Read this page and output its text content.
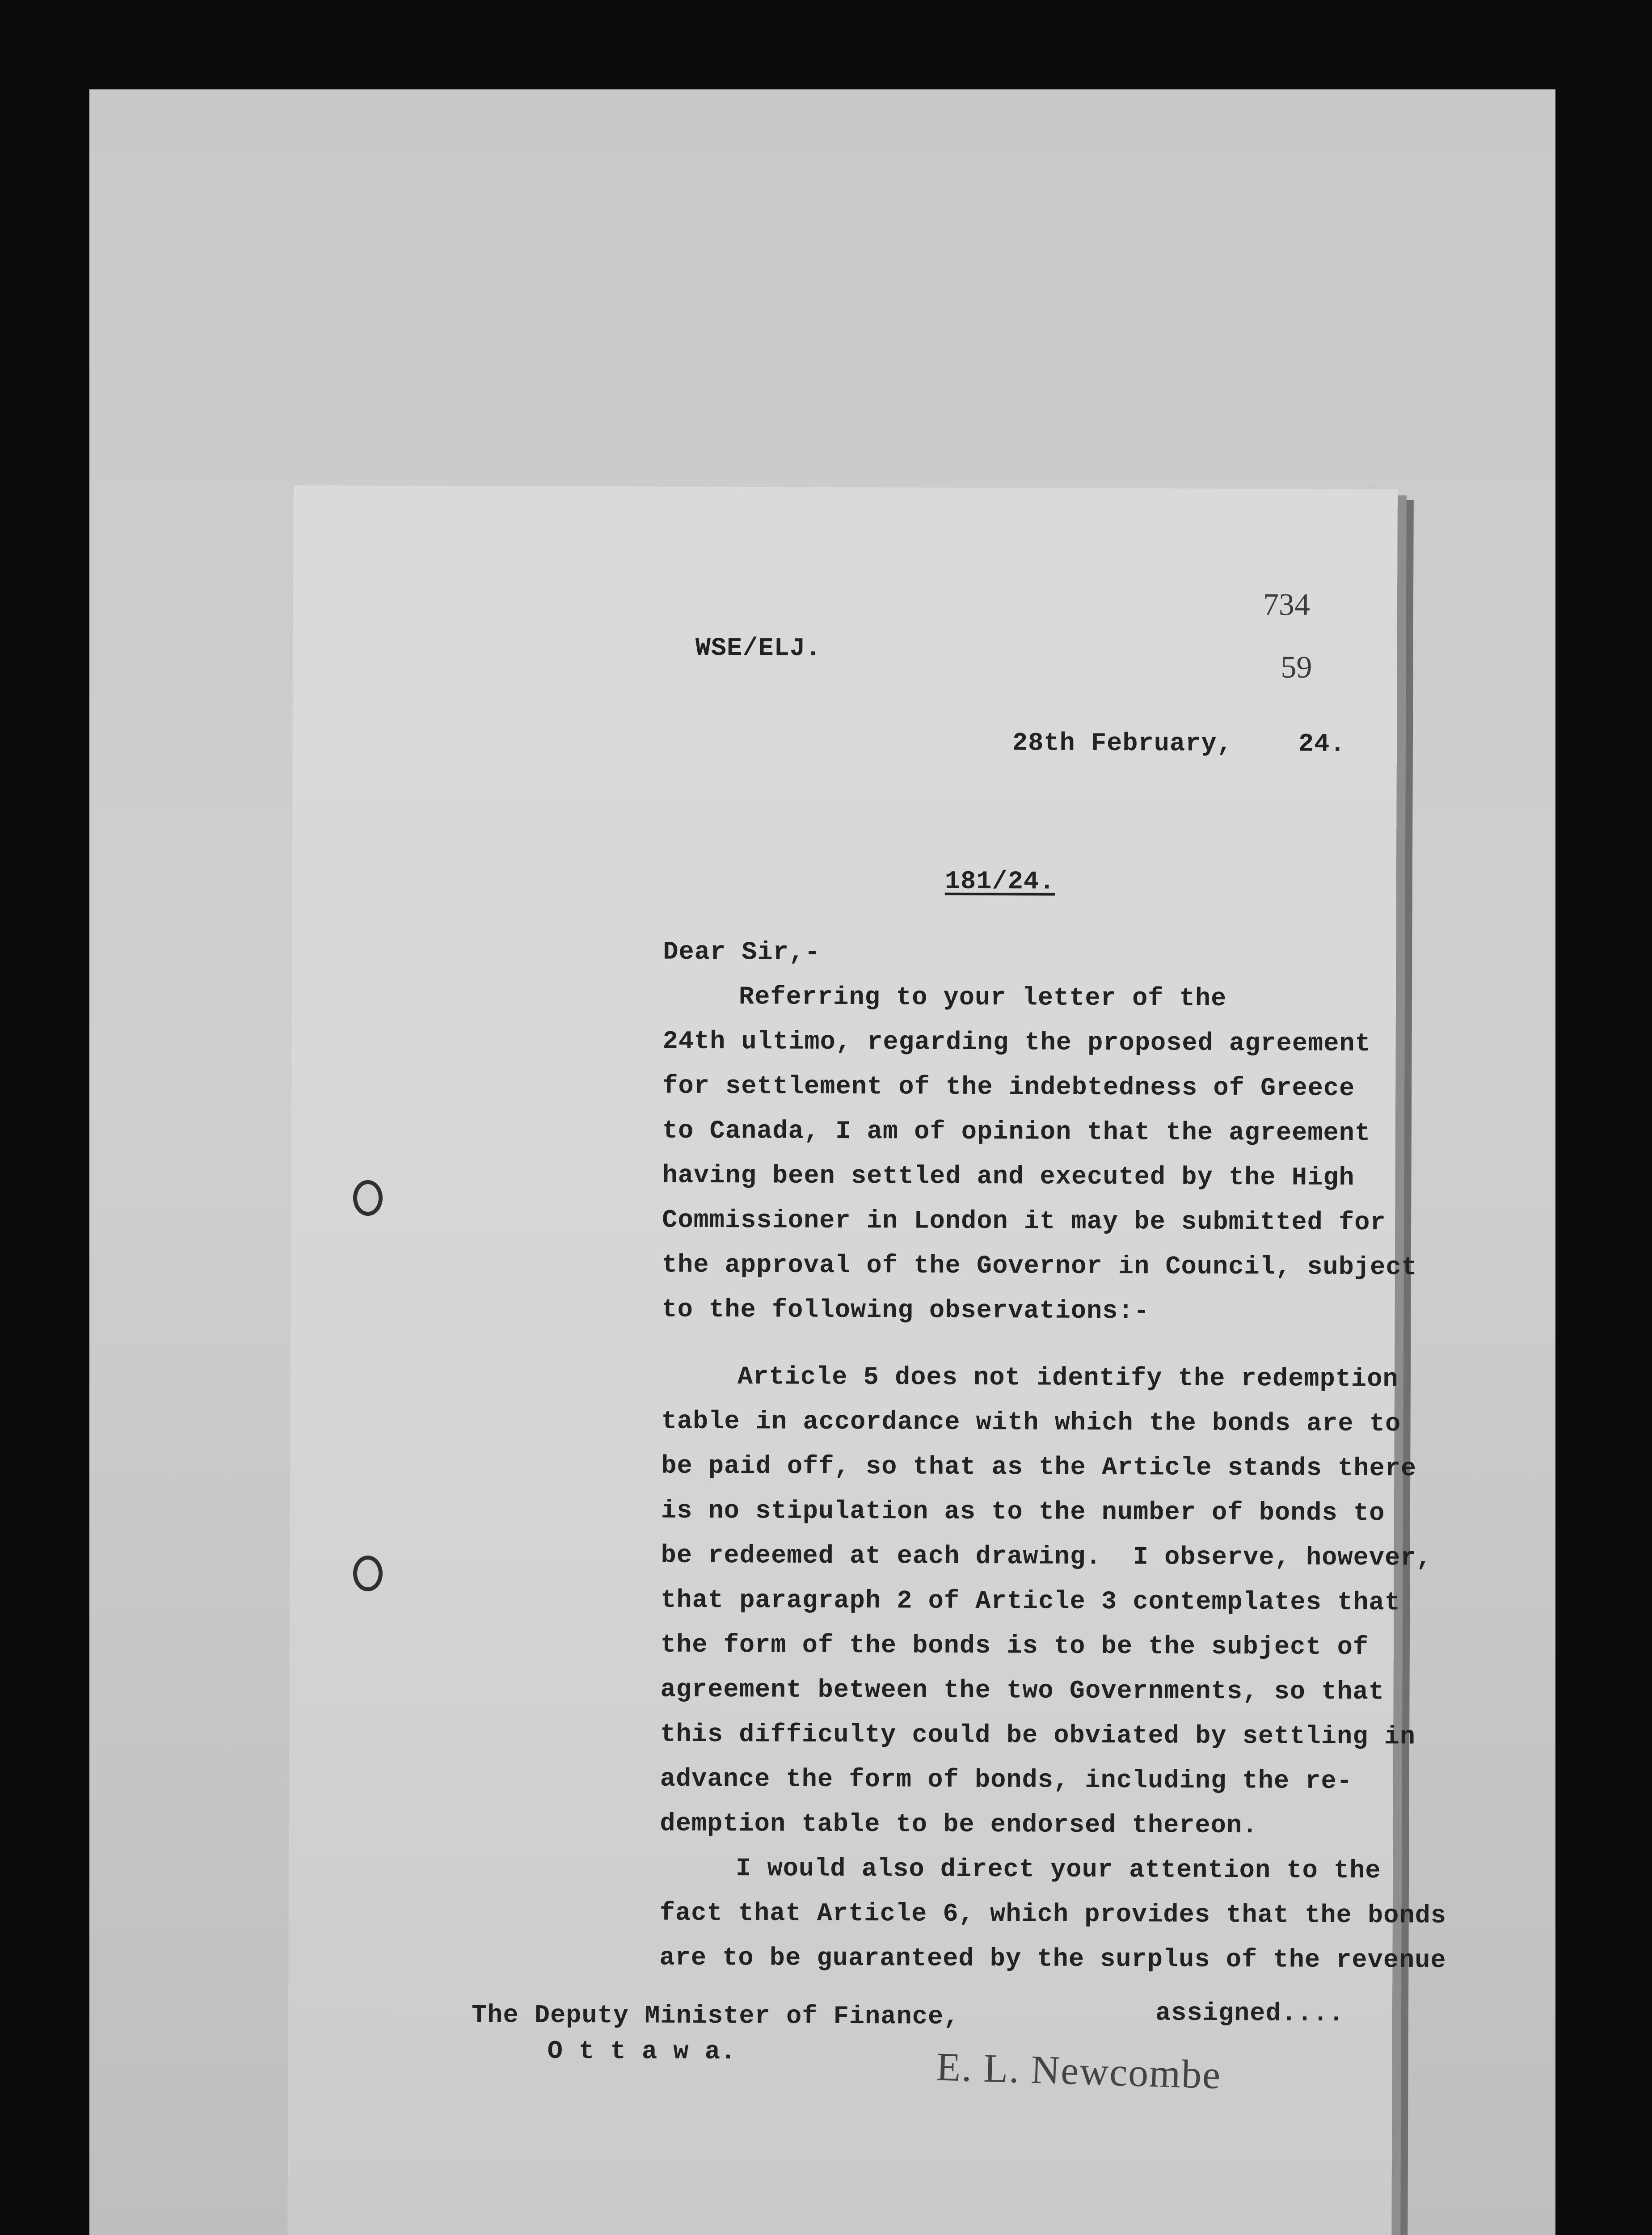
734
59
WSE/ELJ.
28th February,	24.
181/24.
Dear Sir,-
Referring to your letter of the
24th ultimo, regarding the proposed agreement
for settlement of the indebtedness of Greece
to Canada, I am of opinion that the agreement
having been settled and executed by the High
Commissioner in London it may be submitted for
the approval of the Governor in Council, subject
to the following observations:-
Article 5 does not identify the redemption
table in accordance with which the bonds are to
be paid off, so that as the Article stands there
is no stipulation as to the number of bonds to
be redeemed at each drawing.  I observe, however,
that paragraph 2 of Article 3 contemplates that
the form of the bonds is to be the subject of
agreement between the two Governments, so that
this difficulty could be obviated by settling in
advance the form of bonds, including the re-
demption table to be endorsed thereon.
I would also direct your attention to the
fact that Article 6, which provides that the bonds
are to be guaranteed by the surplus of the revenue
assigned....
The Deputy Minister of Finance,
O t t a w a.	E. L. Newcombe
